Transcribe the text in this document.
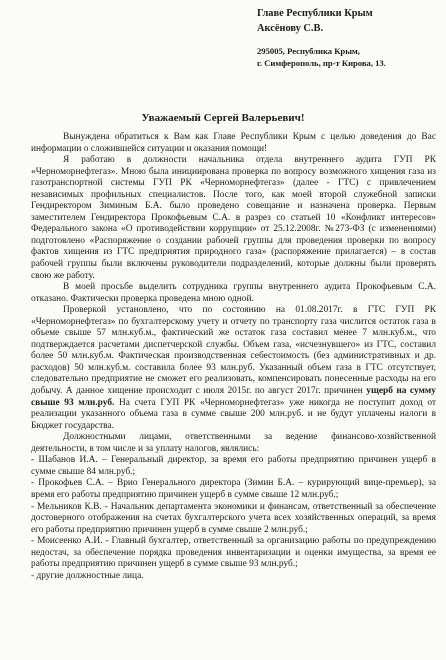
Главе Республики Крым
Аксёнову С.В.
295005, Республика Крым,
г. Симферополь, пр-т Кирова, 13.
Уважаемый Сергей Валерьевич!

Вынуждена обратиться к Вам как Главе Республики Крым с целью доведения до Вас информации о сложившейся ситуации и оказания помощи!

Я работаю в должности начальника отдела внутреннего аудита ГУП РК «Черноморнефтегаз». Мною была инициирована проверка по вопросу возможного хищения газа из газотранспортной системы ГУП РК «Черноморнефтегаз» (далее - ГТС) с привлечением независимых профильных специалистов. После того, как моей второй служебной записки Гендиректором Зиминым Б.А. было проведено совещание и назначена проверка. Первым заместителем Гендиректора Прокофьевым С.А. в разрез со статьей 10 «Конфликт интересов» Федерального закона «О противодействии коррупции» от 25.12.2008г. №273-ФЗ (с изменениями) подготовлено «Распоряжение о создании рабочей группы для проведения проверки по вопросу фактов хищения из ГТС предприятия природного газа» (распоряжение прилагается) – в состав рабочей группы были включены руководители подразделений, которые должны были проверять свою же работу.

В моей просьбе выделить сотрудника группы внутреннего аудита Прокофьевым С.А. отказано. Фактически проверка проведена мною одной.

Проверкой установлено, что по состоянию на 01.08.2017г. в ГТС ГУП РК «Черноморнефтегаз» по бухгалтерскому учету и отчету по транспорту газа числится остаток газа в объеме свыше 57 млн.куб.м., фактический же остаток газа составил менее 7 млн.куб.м., что подтверждается расчетами диспетчерской службы. Объем газа, «исчезнувшего» из ГТС, составил более 50 млн.куб.м. Фактическая производственная себестоимость (без административных и др. расходов) 50 млн.куб.м. составила более 93 млн.руб. Указанный объем газа в ГТС отсутствует, следовательно предприятие не сможет его реализовать, компенсировать понесенные расходы на его добычу. А данное хищение происходит с июля 2015г. по август 2017г. причинен ущерб на сумму свыше 93 млн.руб. На счета ГУП РК «Черноморнефтегаз» уже никогда не поступит доход от реализации указанного объема газа в сумме свыше 200 млн.руб. и не будут уплачены налоги в Бюджет государства.

Должностными лицами, ответственными за ведение финансово-хозяйственной деятельности, в том числе и за уплату налогов, являлись:

- Шабанов И.А. – Генеральный директор, за время его работы предприятию причинен ущерб в сумме свыше 84 млн.руб.;

- Прокофьев С.А. – Врио Генерального директора (Зимин Б.А. – курирующий вице-премьер), за время его работы предприятию причинен ущерб в сумме свыше 12 млн.руб.;

- Мельников К.В. - Начальник департамента экономики и финансам, ответственный за обеспечение достоверного отображения на счетах бухгалтерского учета всех хозяйственных операций, за время его работы предприятию причинен ущерб в сумме свыше 2 млн.руб.;

- Моисеенко А.И. - Главный бухгалтер, ответственный за организацию работы по предупреждению недостач, за обеспечение порядка проведения инвентаризации и оценки имущества, за время ее работы предприятию причинен ущерб в сумме свыше 93 млн.руб.;

- другие должностные лица.
